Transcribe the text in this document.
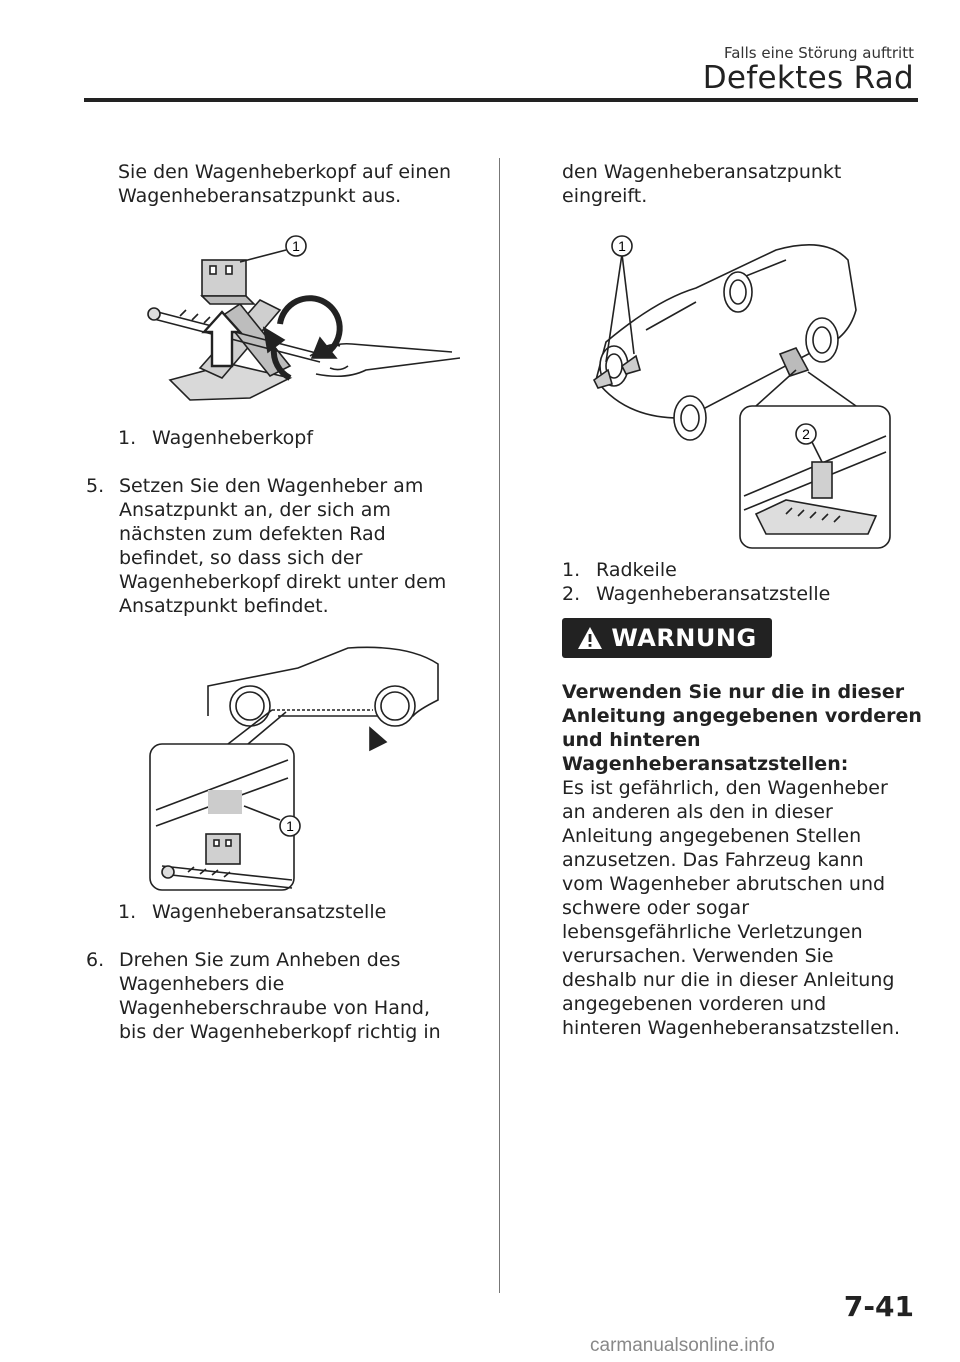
Falls eine Störung auftritt
Defektes Rad
Sie den Wagenheberkopf auf einen
Wagenheberansatzpunkt aus.
1
1. Wagenheberkopf
5. Setzen Sie den Wagenheber am
Ansatzpunkt an, der sich am
nächsten zum defekten Rad
befindet, so dass sich der
Wagenheberkopf direkt unter dem
Ansatzpunkt befindet.
1
1. Wagenheberansatzstelle
6. Drehen Sie zum Anheben des
Wagenhebers die
Wagenheberschraube von Hand,
bis der Wagenheberkopf richtig in
den Wagenheberansatzpunkt
eingreift.
1
2
1. Radkeile
2. Wagenheberansatzstelle
WARNUNG
Verwenden Sie nur die in dieser
Anleitung angegebenen vorderen
und hinteren
Wagenheberansatzstellen:
Es ist gefährlich, den Wagenheber
an anderen als den in dieser
Anleitung angegebenen Stellen
anzusetzen. Das Fahrzeug kann
vom Wagenheber abrutschen und
schwere oder sogar
lebensgefährliche Verletzungen
verursachen. Verwenden Sie
deshalb nur die in dieser Anleitung
angegebenen vorderen und
hinteren Wagenheberansatzstellen.
7-41
carmanualsonline.info
